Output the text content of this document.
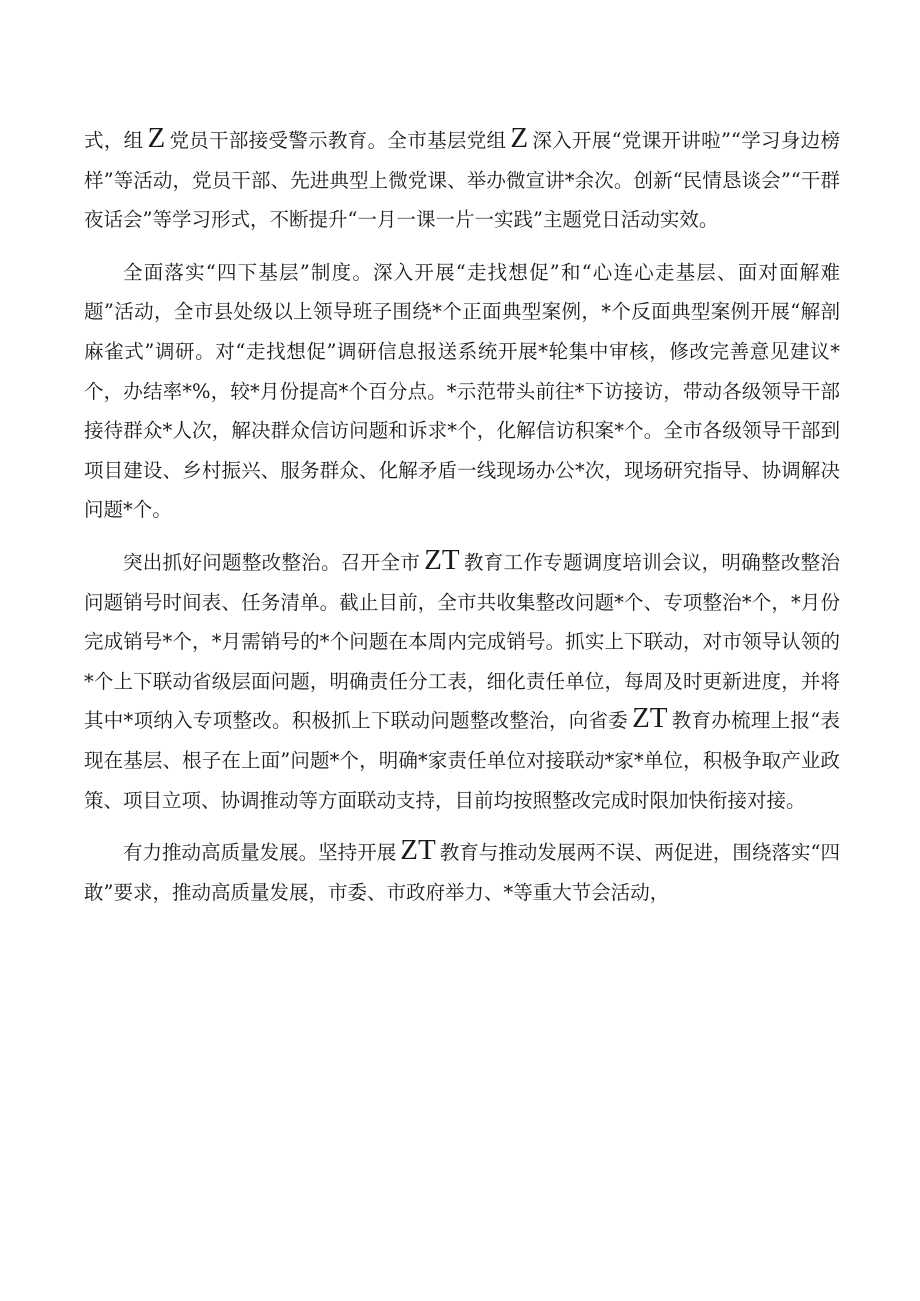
式，组 Z 党员干部接受警示教育。全市基层党组 Z 深入开展“党课开讲啦”“学习身边榜样”等活动，党员干部、先进典型上微党课、举办微宣讲*余次。创新“民情恳谈会”“干群夜话会”等学习形式，不断提升“一月一课一片一实践”主题党日活动实效。

全面落实“四下基层”制度。深入开展“走找想促”和“心连心走基层、面对面解难题”活动，全市县处级以上领导班子围绕*个正面典型案例，*个反面典型案例开展“解剖麻雀式”调研。对“走找想促”调研信息报送系统开展*轮集中审核，修改完善意见建议*个，办结率*%，较*月份提高*个百分点。*示范带头前往*下访接访，带动各级领导干部接待群众*人次，解决群众信访问题和诉求*个，化解信访积案*个。全市各级领导干部到项目建设、乡村振兴、服务群众、化解矛盾一线现场办公*次，现场研究指导、协调解决问题*个。

突出抓好问题整改整治。召开全市 ZT 教育工作专题调度培训会议，明确整改整治问题销号时间表、任务清单。截止目前，全市共收集整改问题*个、专项整治*个，*月份完成销号*个，*月需销号的*个问题在本周内完成销号。抓实上下联动，对市领导认领的*个上下联动省级层面问题，明确责任分工表，细化责任单位，每周及时更新进度，并将其中*项纳入专项整改。积极抓上下联动问题整改整治，向省委 ZT 教育办梳理上报“表现在基层、根子在上面”问题*个，明确*家责任单位对接联动*家*单位，积极争取产业政策、项目立项、协调推动等方面联动支持，目前均按照整改完成时限加快衔接对接。

有力推动高质量发展。坚持开展 ZT 教育与推动发展两不误、两促进，围绕落实“四敢”要求，推动高质量发展，市委、市政府举力、*等重大节会活动，
